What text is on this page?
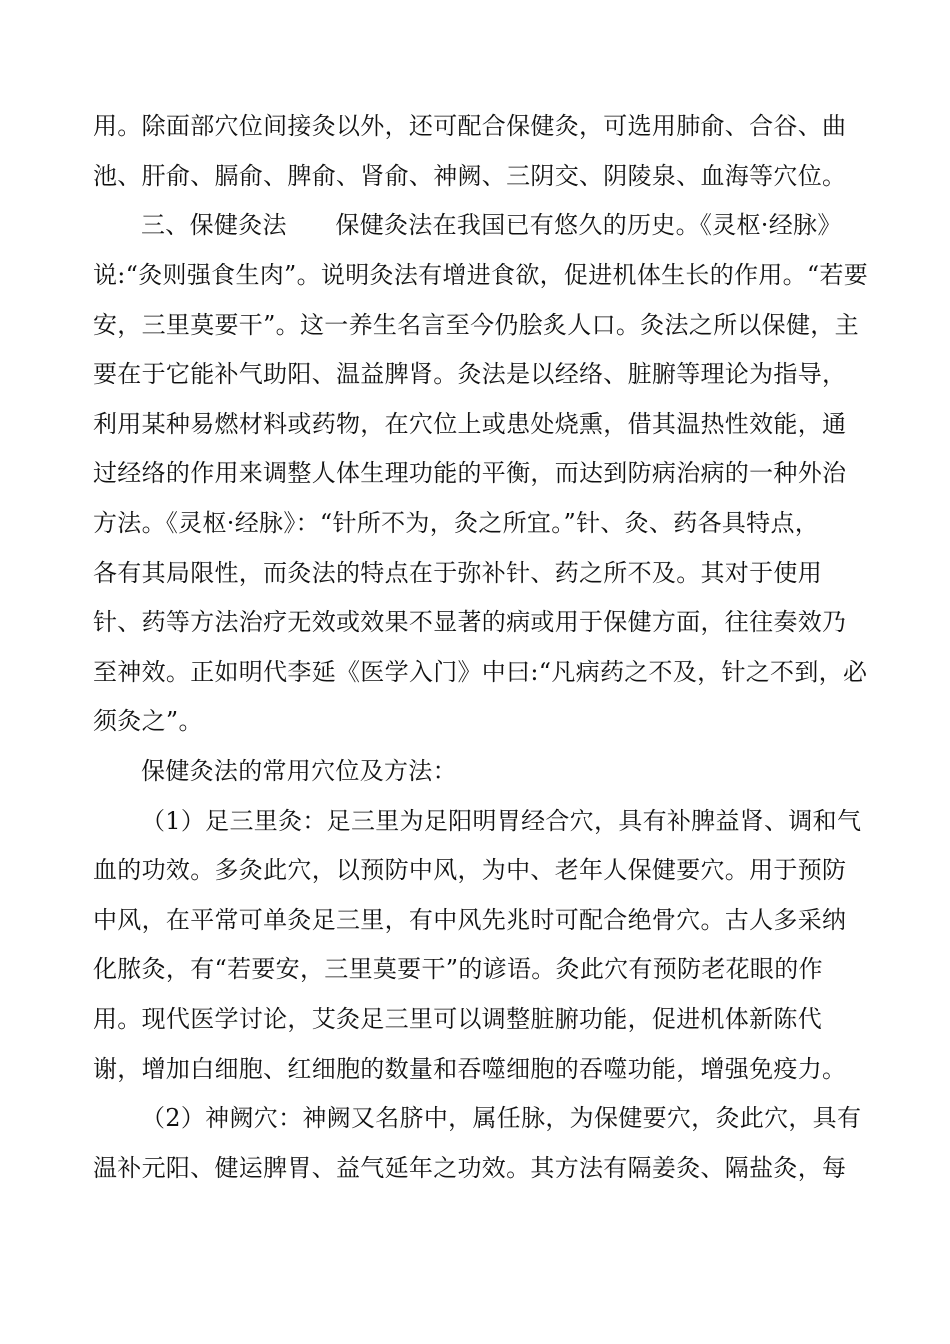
用。除面部穴位间接灸以外，还可配合保健灸，可选用肺俞、合谷、曲
池、肝俞、膈俞、脾俞、肾俞、神阙、三阴交、阴陵泉、血海等穴位。
三、保健灸法　　保健灸法在我国已有悠久的历史。《灵枢·经脉》
说:“灸则强食生肉”。说明灸法有增进食欲，促进机体生长的作用。“若要
安，三里莫要干”。这一养生名言至今仍脍炙人口。灸法之所以保健，主
要在于它能补气助阳、温益脾肾。灸法是以经络、脏腑等理论为指导，
利用某种易燃材料或药物，在穴位上或患处烧熏，借其温热性效能，通
过经络的作用来调整人体生理功能的平衡，而达到防病治病的一种外治
方法。《灵枢·经脉》：“针所不为，灸之所宜。”针、灸、药各具特点，
各有其局限性，而灸法的特点在于弥补针、药之所不及。其对于使用
针、药等方法治疗无效或效果不显著的病或用于保健方面，往往奏效乃
至神效。正如明代李延《医学入门》中曰:“凡病药之不及，针之不到，必
须灸之”。
保健灸法的常用穴位及方法：
（1）足三里灸：足三里为足阳明胃经合穴，具有补脾益肾、调和气
血的功效。多灸此穴，以预防中风，为中、老年人保健要穴。用于预防
中风，在平常可单灸足三里，有中风先兆时可配合绝骨穴。古人多采纳
化脓灸，有“若要安，三里莫要干”的谚语。灸此穴有预防老花眼的作
用。现代医学讨论，艾灸足三里可以调整脏腑功能，促进机体新陈代
谢，增加白细胞、红细胞的数量和吞噬细胞的吞噬功能，增强免疫力。
（2）神阙穴：神阙又名脐中，属任脉，为保健要穴，灸此穴，具有
温补元阳、健运脾胃、益气延年之功效。其方法有隔姜灸、隔盐灸，每
